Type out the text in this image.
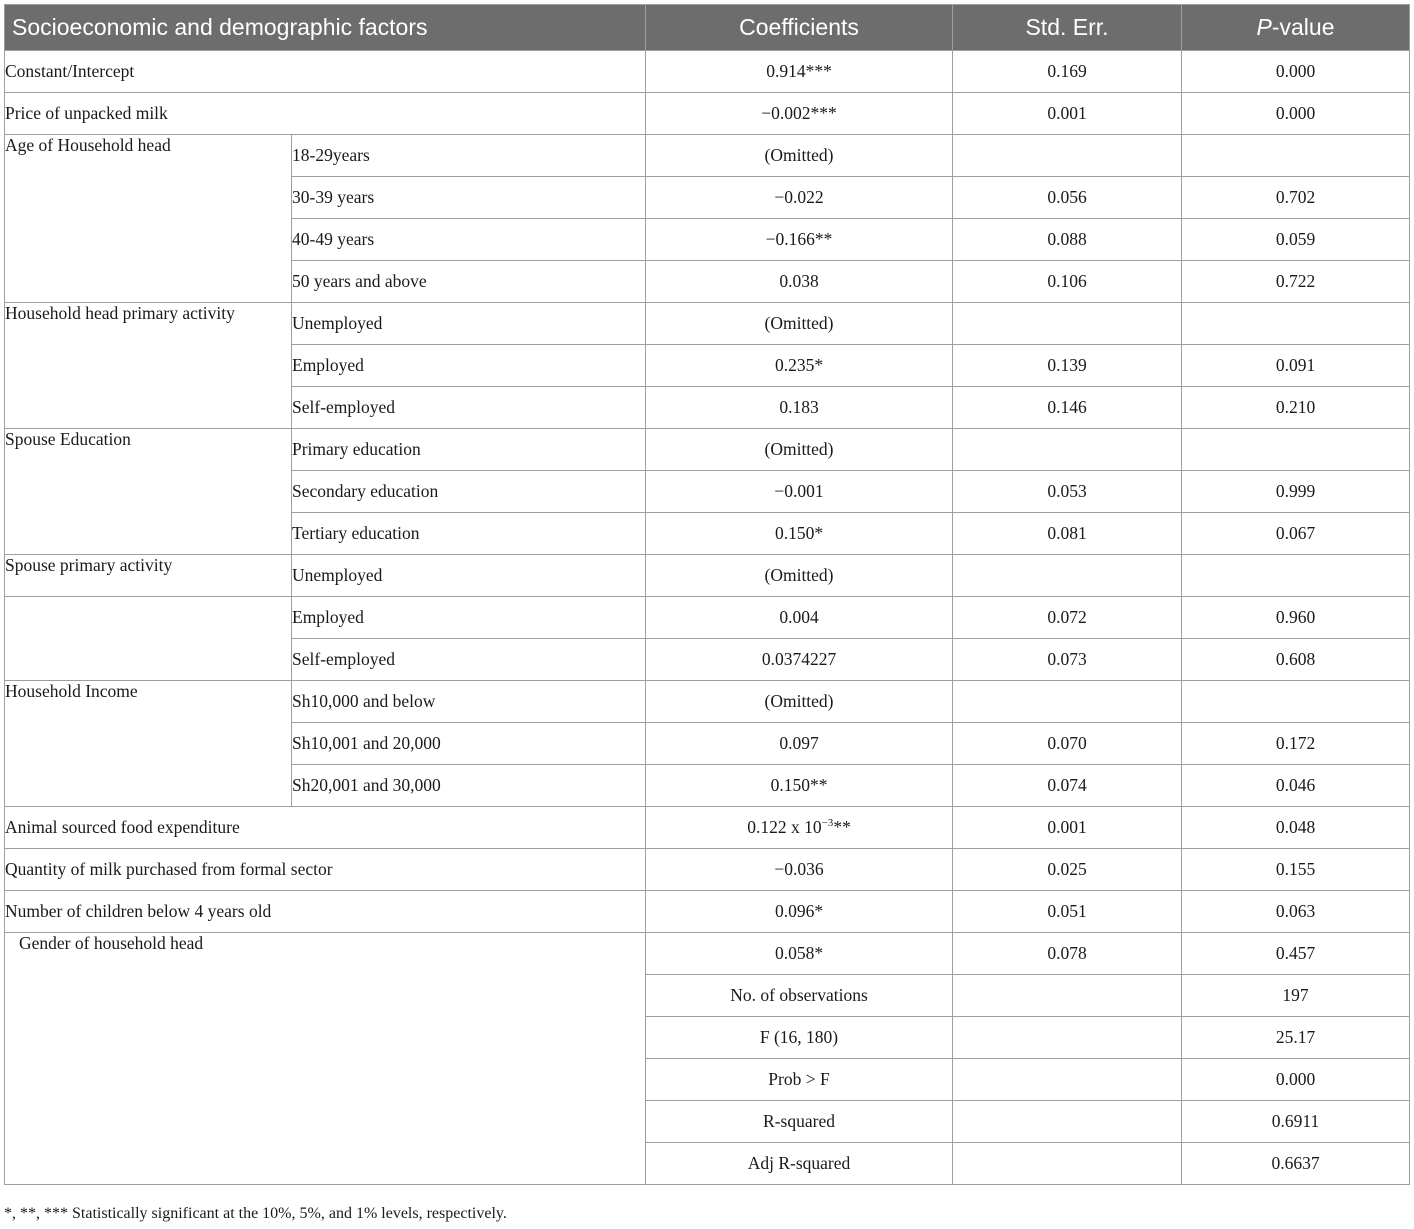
Socioeconomic and demographic factors		Coefficients	Std. Err.	P-value
Constant/Intercept		0.914***	0.169	0.000
Price of unpacked milk		−0.002***	0.001	0.000
Age of Household head	18-29years	(Omitted)		
	30-39 years	−0.022	0.056	0.702
	40-49 years	−0.166**	0.088	0.059
	50 years and above	0.038	0.106	0.722
Household head primary activity	Unemployed	(Omitted)		
	Employed	0.235*	0.139	0.091
	Self-employed	0.183	0.146	0.210
Spouse Education	Primary education	(Omitted)		
	Secondary education	−0.001	0.053	0.999
	Tertiary education	0.150*	0.081	0.067
Spouse primary activity	Unemployed	(Omitted)		
	Employed	0.004	0.072	0.960
	Self-employed	0.0374227	0.073	0.608
Household Income	Sh10,000 and below	(Omitted)		
	Sh10,001 and 20,000	0.097	0.070	0.172
	Sh20,001 and 30,000	0.150**	0.074	0.046
Animal sourced food expenditure		0.122 x $10^{-3}**$	0.001	0.048
Quantity of milk purchased from formal sector		−0.036	0.025	0.155
Number of children below 4 years old		0.096*	0.051	0.063
Gender of household head		0.058*	0.078	0.457
		No. of observations		197
		F (16, 180)		25.17
		Prob > F		0.000
		R-squared		0.6911
		Adj R-squared		0.6637
*, **, *** Statistically significant at the 10%, 5%, and 1% levels, respectively.
